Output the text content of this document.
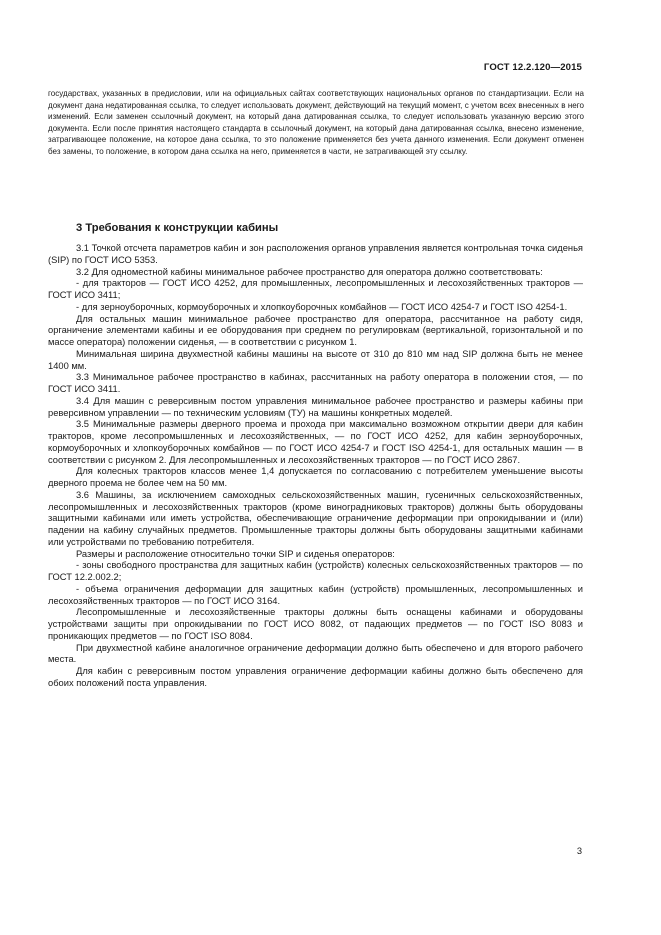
ГОСТ 12.2.120—2015
государствах, указанных в предисловии, или на официальных сайтах соответствующих национальных органов по стандартизации. Если на документ дана недатированная ссылка, то следует использовать документ, действующий на текущий момент, с учетом всех внесенных в него изменений. Если заменен ссылочный документ, на который дана датированная ссылка, то следует использовать указанную версию этого документа. Если после принятия настоящего стандарта в ссылочный документ, на который дана датированная ссылка, внесено изменение, затрагивающее положение, на которое дана ссылка, то это положение применяется без учета данного изменения. Если документ отменен без замены, то положение, в котором дана ссылка на него, применяется в части, не затрагивающей эту ссылку.
3 Требования к конструкции кабины

3.1 Точкой отсчета параметров кабин и зон расположения органов управления является контрольная точка сиденья (SIP) по ГОСТ ИСО 5353.

3.2 Для одноместной кабины минимальное рабочее пространство для оператора должно соответствовать:

- для тракторов — ГОСТ ИСО 4252, для промышленных, лесопромышленных и лесохозяйственных тракторов — ГОСТ ИСО 3411;

- для зерноуборочных, кормоуборочных и хлопкоуборочных комбайнов — ГОСТ ИСО 4254-7 и ГОСТ ISO 4254-1.

Для остальных машин минимальное рабочее пространство для оператора, рассчитанное на работу сидя, органичение элементами кабины и ее оборудования при среднем по регулировкам (вертикальной, горизонтальной и по массе оператора) положении сиденья, — в соответствии с рисунком 1.

Минимальная ширина двухместной кабины машины на высоте от 310 до 810 мм над SIP должна быть не менее 1400 мм.

3.3 Минимальное рабочее пространство в кабинах, рассчитанных на работу оператора в положении стоя, — по ГОСТ ИСО 3411.

3.4 Для машин с реверсивным постом управления минимальное рабочее пространство и размеры кабины при реверсивном управлении — по техническим условиям (ТУ) на машины конкретных моделей.

3.5 Минимальные размеры дверного проема и прохода при максимально возможном открытии двери для кабин тракторов, кроме лесопромышленных и лесохозяйственных, — по ГОСТ ИСО 4252, для кабин зерноуборочных, кормоуборочных и хлопкоуборочных комбайнов — по ГОСТ ИСО 4254-7 и ГОСТ ISO 4254-1, для остальных машин — в соответствии с рисунком 2. Для лесопромышленных и лесохозяйственных тракторов — по ГОСТ ИСО 2867.

Для колесных тракторов классов менее 1,4 допускается по согласованию с потребителем уменьшение высоты дверного проема не более чем на 50 мм.

3.6 Машины, за исключением самоходных сельскохозяйственных машин, гусеничных сельскохозяйственных, лесопромышленных и лесохозяйственных тракторов (кроме виноградниковых тракторов) должны быть оборудованы защитными кабинами или иметь устройства, обеспечивающие ограничение деформации при опрокидывании и (или) падении на кабину случайных предметов. Промышленные тракторы должны быть оборудованы защитными кабинами или устройствами по требованию потребителя.

Размеры и расположение относительно точки SIP и сиденья операторов:

- зоны свободного пространства для защитных кабин (устройств) колесных сельскохозяйственных тракторов — по ГОСТ 12.2.002.2;

- объема ограничения деформации для защитных кабин (устройств) промышленных, лесопромышленных и лесохозяйственных тракторов — по ГОСТ ИСО 3164.

Лесопромышленные и лесохозяйственные тракторы должны быть оснащены кабинами и оборудованы устройствами защиты при опрокидывании по ГОСТ ИСО 8082, от падающих предметов — по ГОСТ ISO 8083 и проникающих предметов — по ГОСТ ISO 8084.

При двухместной кабине аналогичное ограничение деформации должно быть обеспечено и для второго рабочего места.

Для кабин с реверсивным постом управления ограничение деформации кабины должно быть обеспечено для обоих положений поста управления.

3
